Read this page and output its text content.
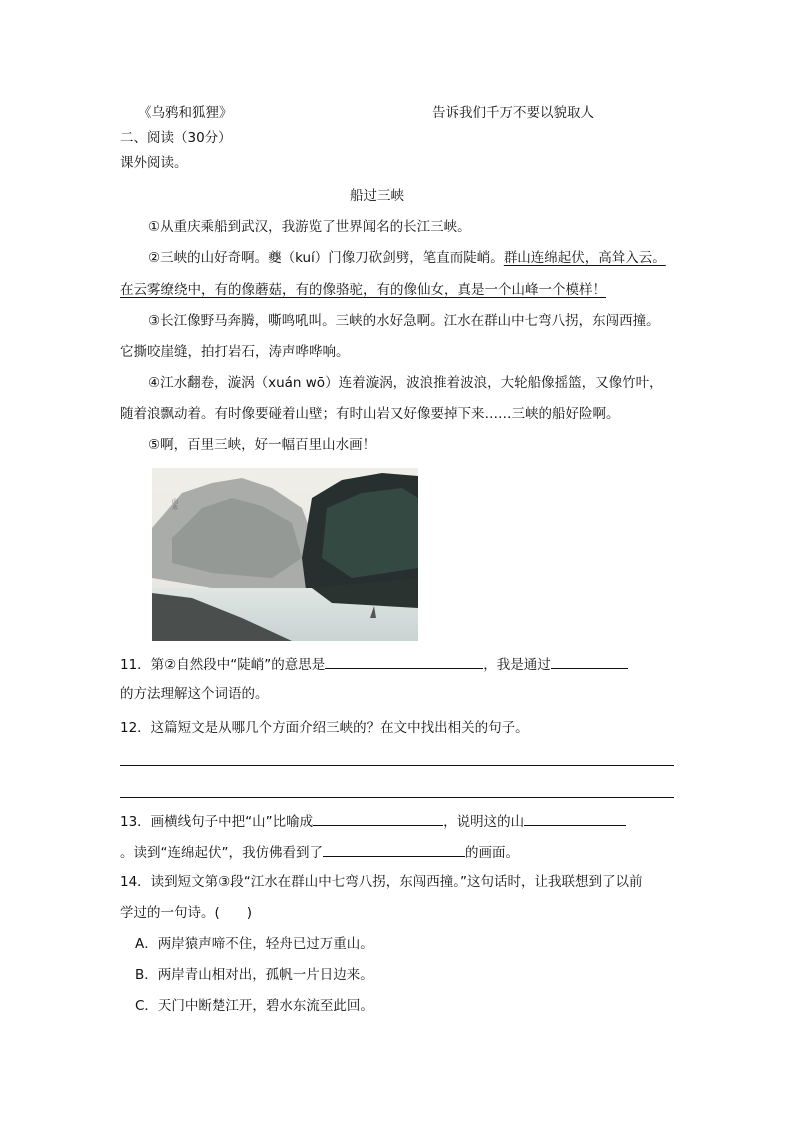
《乌鸦和狐狸》	告诉我们千万不要以貌取人
二、阅读（30分）
课外阅读。
船过三峡
①从重庆乘船到武汉，我游览了世界闻名的长江三峡。
②三峡的山好奇啊。夔（kuí）门像刀砍剑劈，笔直而陡峭。群山连绵起伏，高耸入云。
在云雾缭绕中，有的像蘑菇，有的像骆驼，有的像仙女，真是一个山峰一个模样！
③长江像野马奔腾，嘶鸣吼叫。三峡的水好急啊。江水在群山中七弯八拐，东闯西撞。
它撕咬崖缝，拍打岩石，涛声哗哗响。
④江水翻卷，漩涡（xuán wō）连着漩涡，波浪推着波浪，大轮船像摇篮，又像竹叶，
随着浪飘动着。有时像要碰着山壁；有时山岩又好像要掉下来……三峡的船好险啊。
⑤啊，百里三峡，好一幅百里山水画！
山水
11．第②自然段中“陡峭”的意思是	，我是通过
的方法理解这个词语的。
12．这篇短文是从哪几个方面介绍三峡的？在文中找出相关的句子。
13．画横线句子中把“山”比喻成	，说明这的山
。读到“连绵起伏”，我仿佛看到了	的画面。
14．读到短文第③段“江水在群山中七弯八拐，东闯西撞。”这句话时，让我联想到了以前
学过的一句诗。(　　)
A．两岸猿声啼不住，轻舟已过万重山。
B．两岸青山相对出，孤帆一片日边来。
C．天门中断楚江开，碧水东流至此回。
